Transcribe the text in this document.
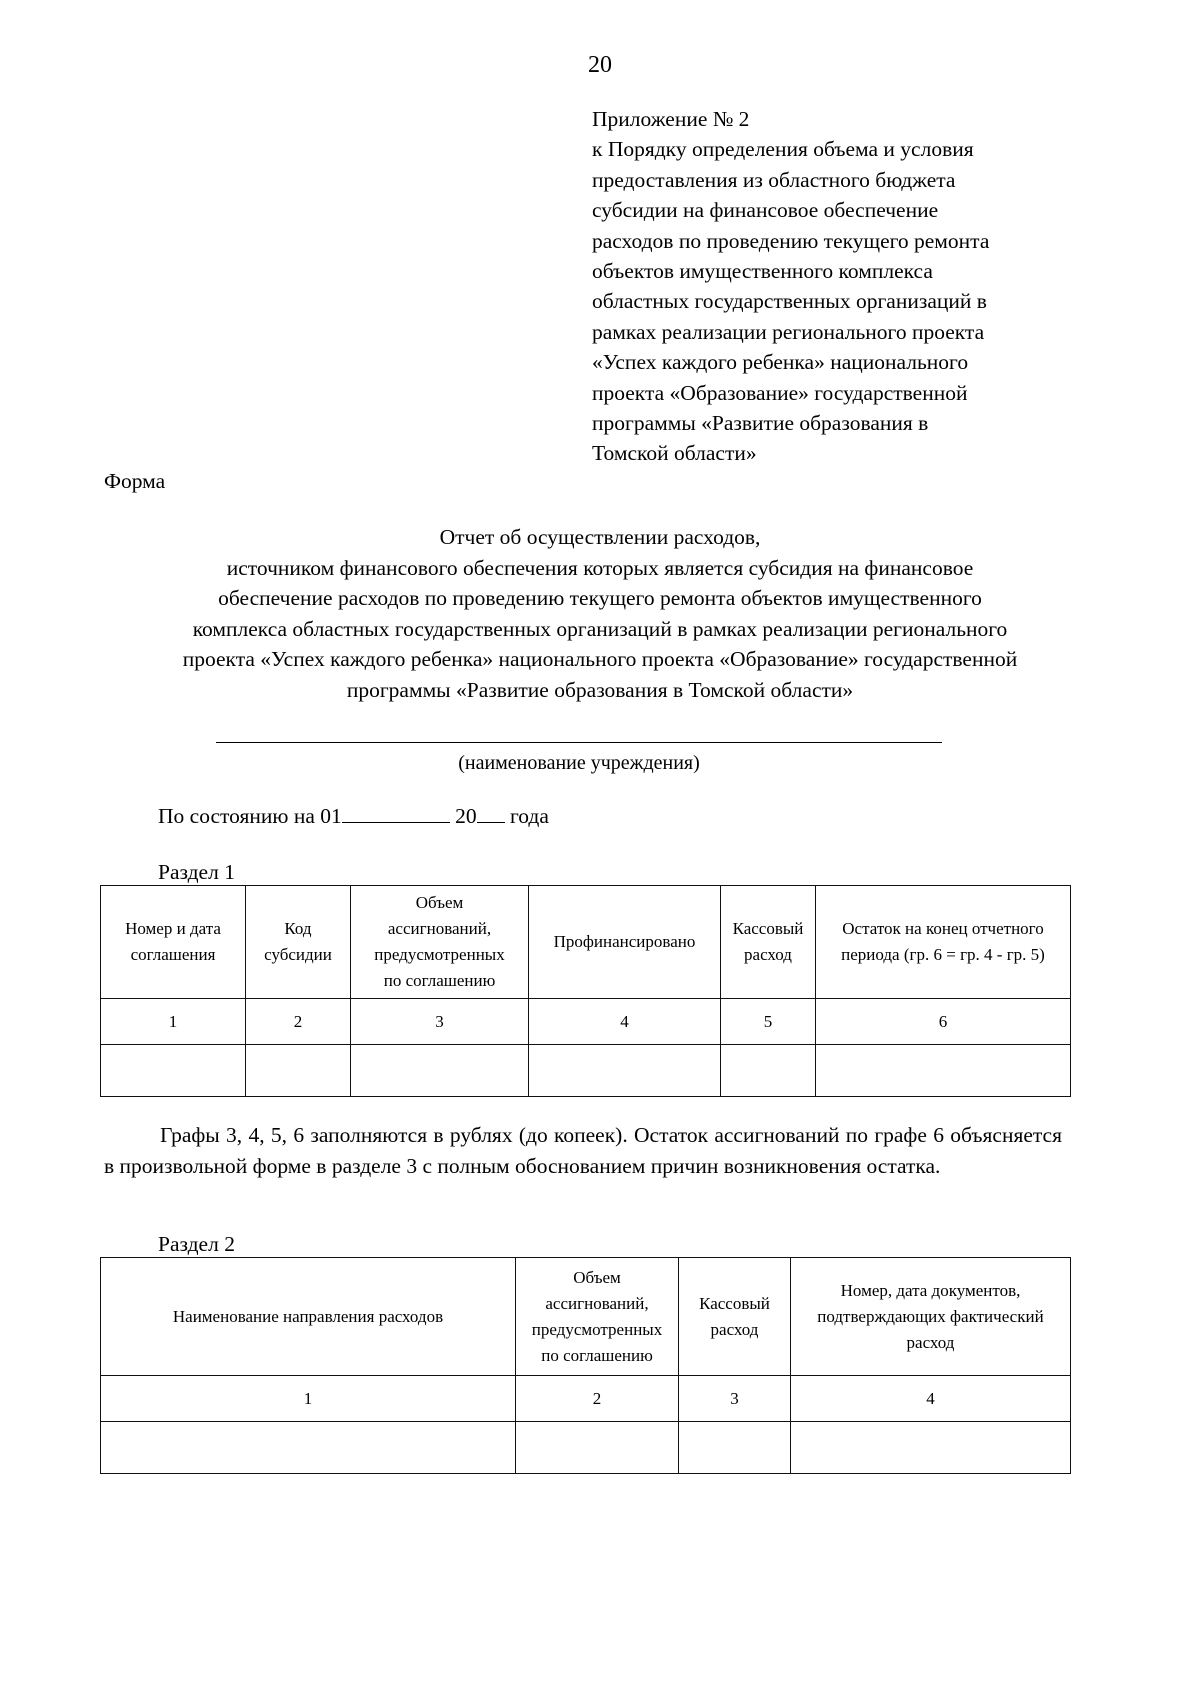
20
Приложение № 2
к Порядку определения объема и условия
предоставления из областного бюджета
субсидии на финансовое обеспечение
расходов по проведению текущего ремонта
объектов имущественного комплекса
областных государственных организаций в
рамках реализации регионального проекта
«Успех каждого ребенка» национального
проекта «Образование» государственной
программы «Развитие образования в
Томской области»
Форма
Отчет об осуществлении расходов,
источником финансового обеспечения которых является субсидия на финансовое
обеспечение расходов по проведению текущего ремонта объектов имущественного
комплекса областных государственных организаций в рамках реализации регионального
проекта «Успех каждого ребенка» национального проекта «Образование» государственной
программы «Развитие образования в Томской области»
(наименование учреждения)
По состоянию на 01	20 года
Раздел 1
Номер и дата
соглашения	Код
субсидии	Объем
ассигнований,
предусмотренных
по соглашению	Профинансировано	Кассовый
расход	Остаток на конец отчетного
периода (гр. 6 = гр. 4 - гр. 5)
1	2	3	4	5	6

Графы 3, 4, 5, 6 заполняются в рублях (до копеек). Остаток ассигнований по графе 6 объясняется в произвольной форме в разделе 3 с полным обоснованием причин возникновения остатка.
Раздел 2
Наименование направления расходов	Объем
ассигнований,
предусмотренных
по соглашению	Кассовый
расход	Номер, дата документов,
подтверждающих фактический
расход
1	2	3	4
